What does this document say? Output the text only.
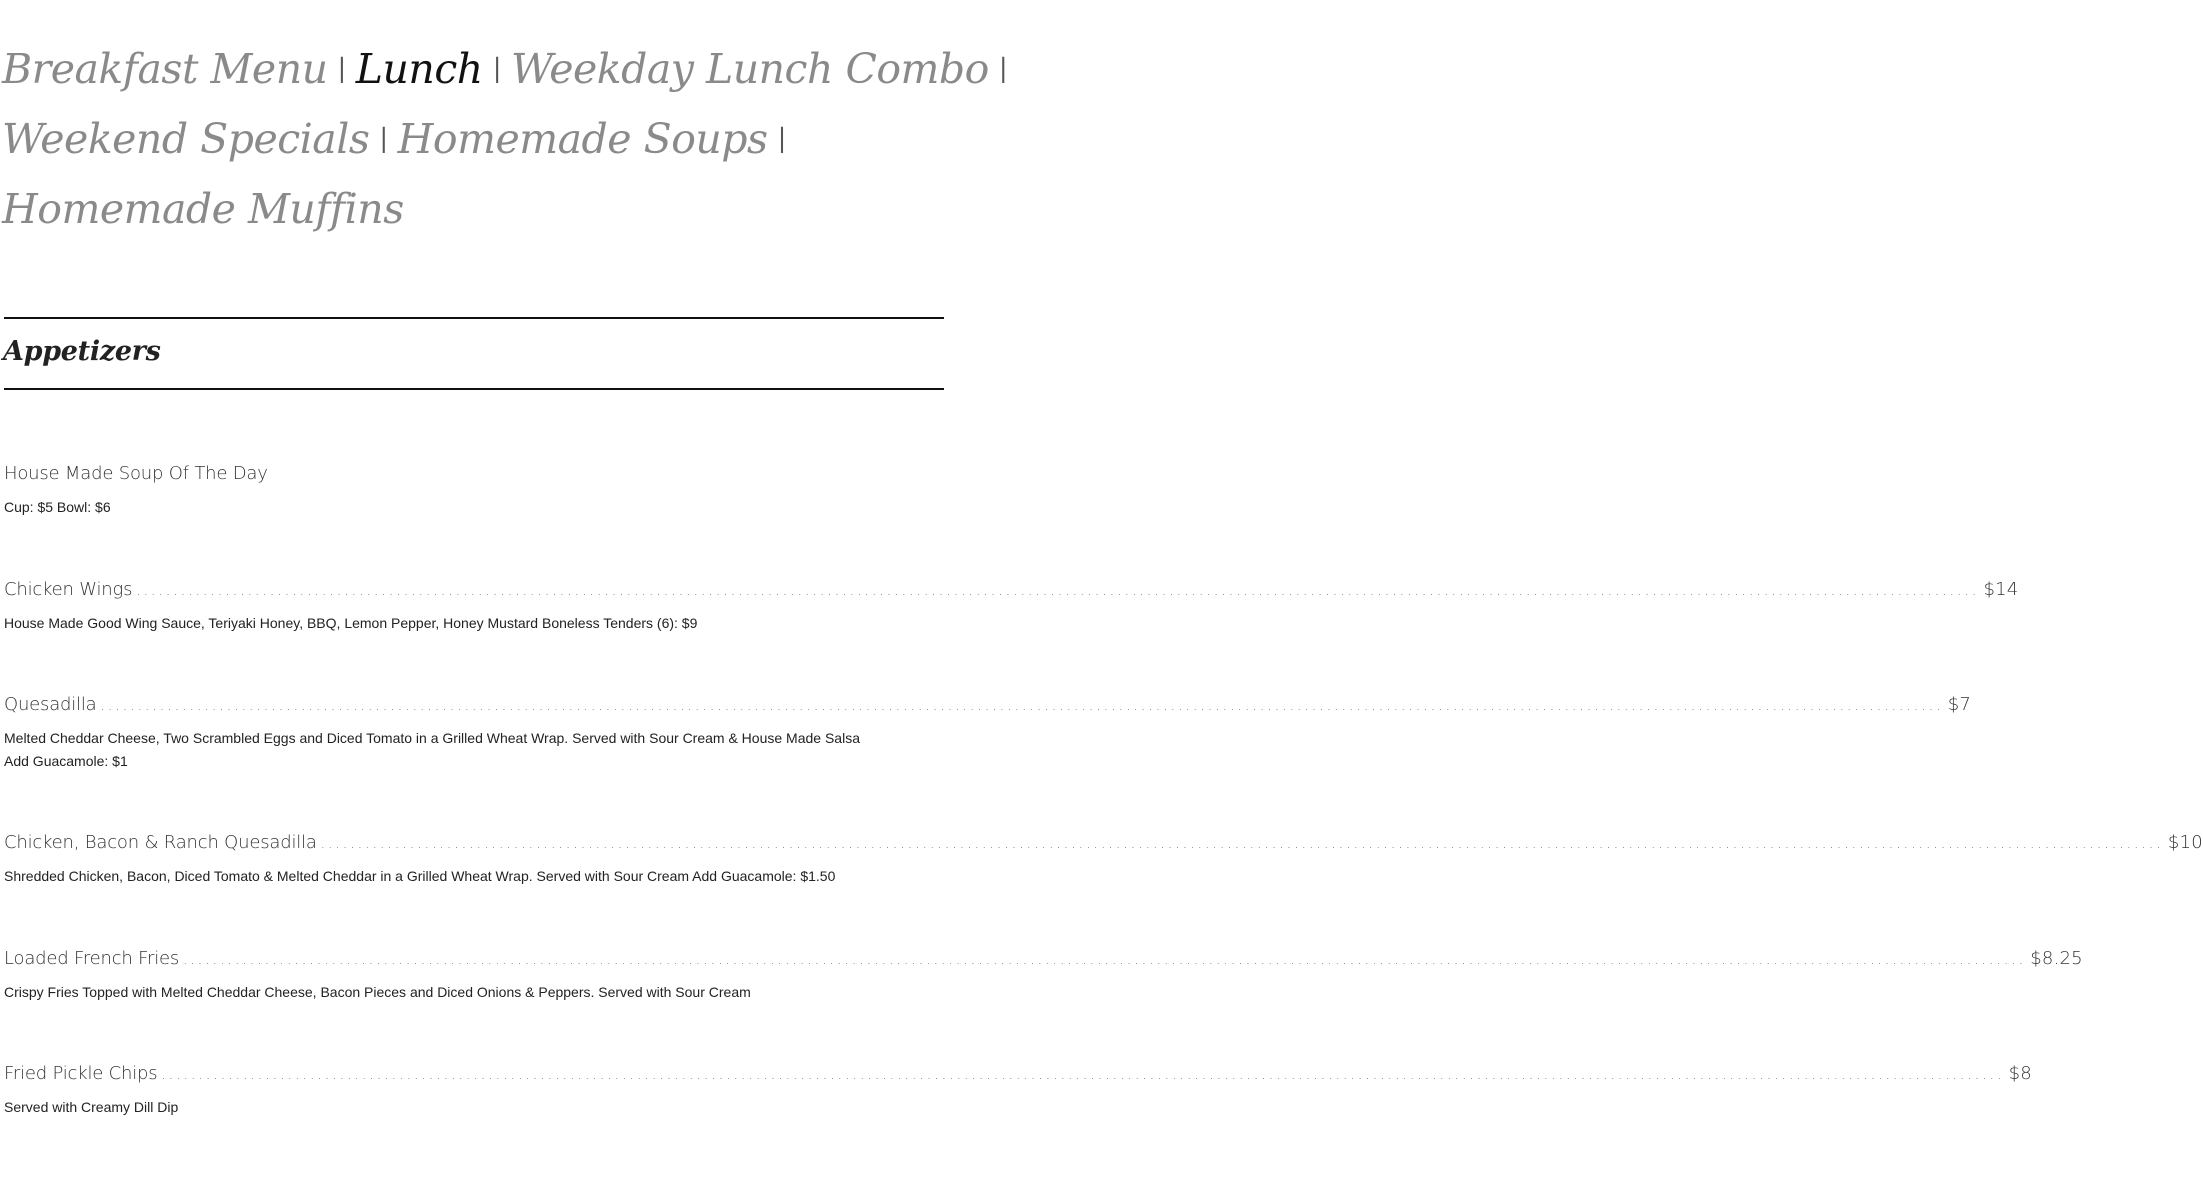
Breakfast Menu | Lunch | Weekday Lunch Combo |
Weekend Specials | Homemade Soups |
Homemade Muffins
Appetizers
House Made Soup Of The Day
Cup: $5 Bowl: $6
Chicken Wings .....	$14
House Made Good Wing Sauce, Teriyaki Honey, BBQ, Lemon Pepper, Honey Mustard Boneless Tenders (6): $9
Quesadilla .....	$7
Melted Cheddar Cheese, Two Scrambled Eggs and Diced Tomato in a Grilled Wheat Wrap. Served with Sour Cream & House Made Salsa
Add Guacamole: $1
Chicken, Bacon & Ranch Quesadilla .....	$10
Shredded Chicken, Bacon, Diced Tomato & Melted Cheddar in a Grilled Wheat Wrap. Served with Sour Cream Add Guacamole: $1.50
Loaded French Fries .....	$8.25
Crispy Fries Topped with Melted Cheddar Cheese, Bacon Pieces and Diced Onions & Peppers. Served with Sour Cream
Fried Pickle Chips .....	$8
Served with Creamy Dill Dip
